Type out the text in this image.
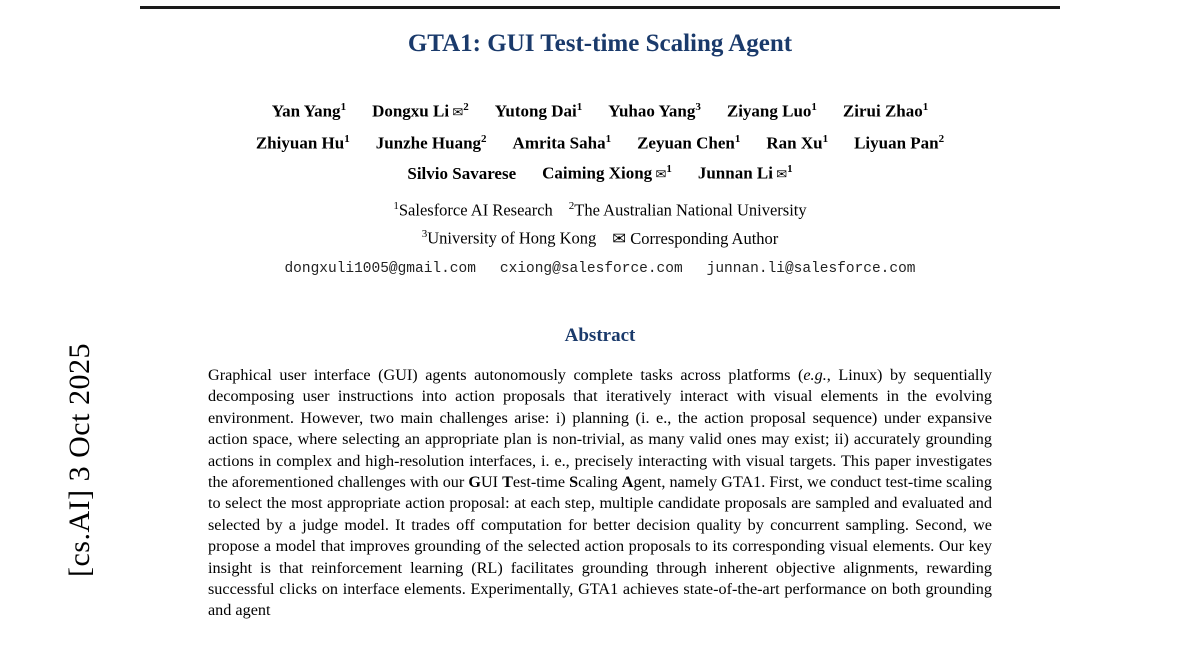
[cs.AI] 3 Oct 2025
GTA1: GUI Test-time Scaling Agent
Yan Yang$^1$ Dongxu Li ✉$^2$ Yutong Dai$^1$ Yuhao Yang$^3$ Ziyang Luo$^1$ Zirui Zhao$^1$
Zhiyuan Hu$^1$ Junzhe Huang$^2$ Amrita Saha$^1$ Zeyuan Chen$^1$ Ran Xu$^1$ Liyuan Pan$^2$
Silvio Savarese Caiming Xiong ✉$^1$ Junnan Li ✉$^1$
$^1$Salesforce AI Research $^2$The Australian National University
$^3$University of Hong Kong ✉ Corresponding Author
dongxuli1005@gmail.com cxiong@salesforce.com junnan.li@salesforce.com
Abstract
Graphical user interface (GUI) agents autonomously complete tasks across platforms (e.g., Linux) by sequentially decomposing user instructions into action proposals that iteratively interact with visual elements in the evolving environment. However, two main challenges arise: i) planning (i. e., the action proposal sequence) under expansive action space, where selecting an appropriate plan is non-trivial, as many valid ones may exist; ii) accurately grounding actions in complex and high-resolution interfaces, i. e., precisely interacting with visual targets. This paper investigates the aforementioned challenges with our GUI Test-time Scaling Agent, namely GTA1. First, we conduct test-time scaling to select the most appropriate action proposal: at each step, multiple candidate proposals are sampled and evaluated and selected by a judge model. It trades off computation for better decision quality by concurrent sampling. Second, we propose a model that improves grounding of the selected action proposals to its corresponding visual elements. Our key insight is that reinforcement learning (RL) facilitates grounding through inherent objective alignments, rewarding successful clicks on interface elements. Experimentally, GTA1 achieves state-of-the-art performance on both grounding and agent
